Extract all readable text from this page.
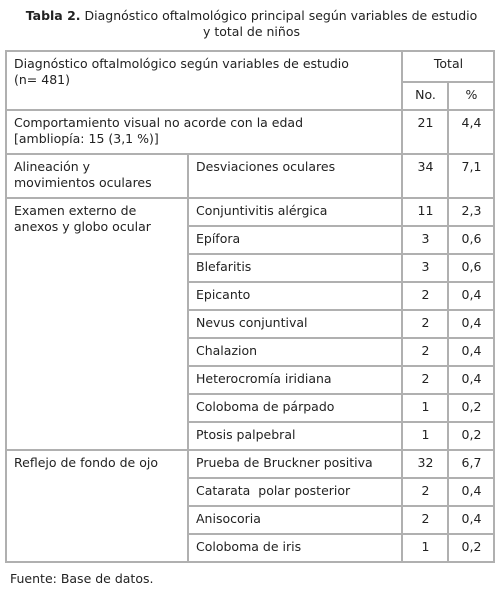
Tabla 2. Diagnóstico oftalmológico principal según variables de estudio
y total de niños
Diagnóstico oftalmológico según variables de estudio
(n= 481)		Total	
		No.	%

Comportamiento visual no acorde con la edad
[ambliopía: 15 (3,1 %)]		21	4,4

Alineación y
movimientos oculares	Desviaciones oculares	34	7,1

Examen externo de
anexos y globo ocular	Conjuntivitis alérgica	11	2,3
	Epífora	3	0,6
	Blefaritis	3	0,6
	Epicanto	2	0,4
	Nevus conjuntival	2	0,4
	Chalazion	2	0,4
	Heterocromía iridiana	2	0,4
	Coloboma de párpado	1	0,2
	Ptosis palpebral	1	0,2
Reflejo de fondo de ojo	Prueba de Bruckner positiva	32	6,7
	Catarata  polar posterior	2	0,4
	Anisocoria	2	0,4
	Coloboma de iris	1	0,2
Fuente: Base de datos.
